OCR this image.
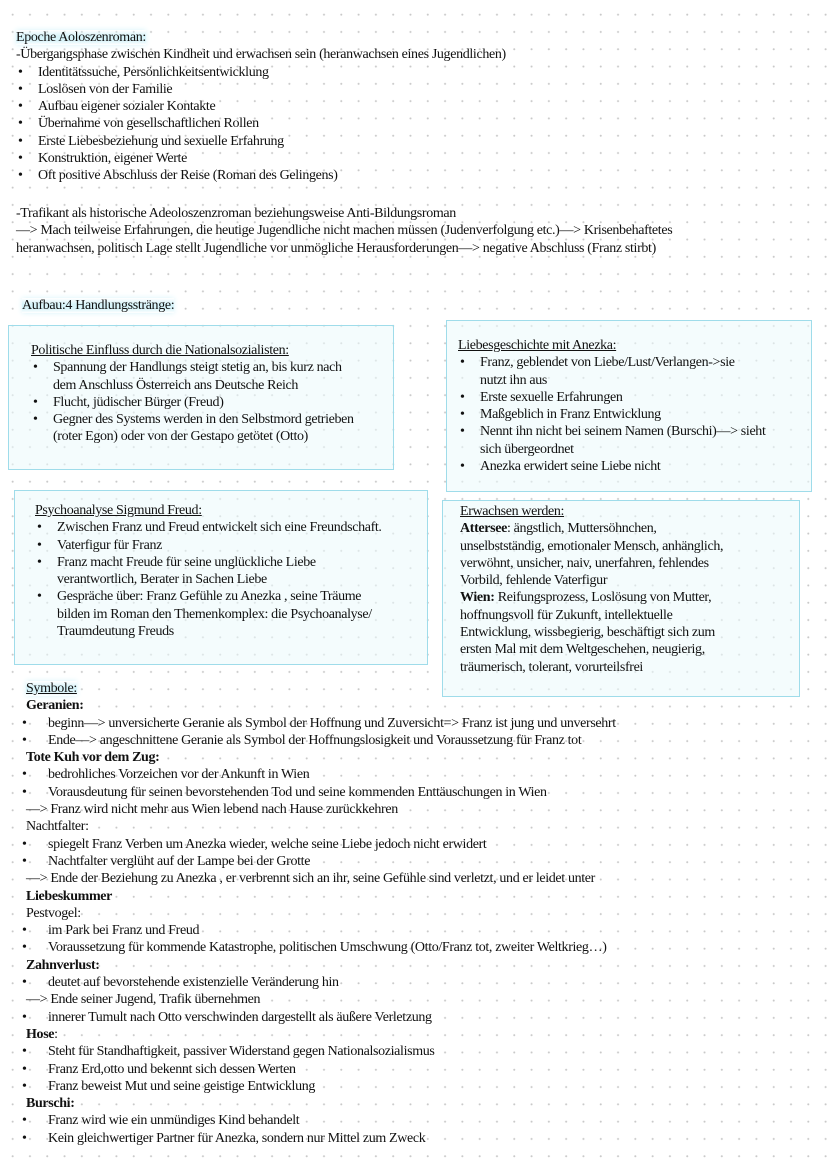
Epoche Aoloszenroman:
-Übergangsphase zwischen Kindheit und erwachsen sein (heranwachsen eines Jugendlichen)
• Identitätssuche, Persönlichkeitsentwicklung
• Loslösen von der Familie
• Aufbau eigener sozialer Kontakte
• Übernahme von gesellschaftlichen Rollen
• Erste Liebesbeziehung und sexuelle Erfahrung
• Konstruktion, eigener Werte
• Oft positive Abschluss der Reise (Roman des Gelingens)
-Trafikant als historische Adeoloszenzroman beziehungsweise Anti-Bildungsroman
—> Mach teilweise Erfahrungen, die heutige Jugendliche nicht machen müssen (Judenverfolgung etc.)—> Krisenbehaftetes
heranwachsen, politisch Lage stellt Jugendliche vor unmögliche Herausforderungen—> negative Abschluss (Franz stirbt)
Aufbau:4 Handlungsstränge:
Politische Einfluss durch die Nationalsozialisten:
• Spannung der Handlungs steigt stetig an, bis kurz nach
dem Anschluss Österreich ans Deutsche Reich
• Flucht, jüdischer Bürger (Freud)
• Gegner des Systems werden in den Selbstmord getrieben
(roter Egon) oder von der Gestapo getötet (Otto)
Liebesgeschichte mit Anezka:
• Franz, geblendet von Liebe/Lust/Verlangen->sie
nutzt ihn aus
• Erste sexuelle Erfahrungen
• Maßgeblich in Franz Entwicklung
• Nennt ihn nicht bei seinem Namen (Burschi)—> sieht
sich übergeordnet
• Anezka erwidert seine Liebe nicht
Psychoanalyse Sigmund Freud:
• Zwischen Franz und Freud entwickelt sich eine Freundschaft.
• Vaterfigur für Franz
• Franz macht Freude für seine unglückliche Liebe
verantwortlich, Berater in Sachen Liebe
• Gespräche über: Franz Gefühle zu Anezka , seine Träume
bilden im Roman den Themenkomplex: die Psychoanalyse/
Traumdeutung Freuds
Erwachsen werden:
Attersee: ängstlich, Muttersöhnchen,
unselbstständig, emotionaler Mensch, anhänglich,
verwöhnt, unsicher, naiv, unerfahren, fehlendes
Vorbild, fehlende Vaterfigur
Wien: Reifungsprozess, Loslösung von Mutter,
hoffnungsvoll für Zukunft, intellektuelle
Entwicklung, wissbegierig, beschäftigt sich zum
ersten Mal mit dem Weltgeschehen, neugierig,
träumerisch, tolerant, vorurteilsfrei
Symbole:
Geranien:
• beginn—> unversicherte Geranie als Symbol der Hoffnung und Zuversicht=> Franz ist jung und unversehrt
• Ende—> angeschnittene Geranie als Symbol der Hoffnungslosigkeit und Voraussetzung für Franz tot
Tote Kuh vor dem Zug:
• bedrohliches Vorzeichen vor der Ankunft in Wien
• Vorausdeutung für seinen bevorstehenden Tod und seine kommenden Enttäuschungen in Wien
—> Franz wird nicht mehr aus Wien lebend nach Hause zurückkehren
Nachtfalter:
• spiegelt Franz Verben um Anezka wieder, welche seine Liebe jedoch nicht erwidert
• Nachtfalter verglüht auf der Lampe bei der Grotte
—> Ende der Beziehung zu Anezka , er verbrennt sich an ihr, seine Gefühle sind verletzt, und er leidet unter
Liebeskummer
Pestvogel:
• im Park bei Franz und Freud
• Voraussetzung für kommende Katastrophe, politischen Umschwung (Otto/Franz tot, zweiter Weltkrieg…)
Zahnverlust:
• deutet auf bevorstehende existenzielle Veränderung hin
—> Ende seiner Jugend, Trafik übernehmen
• innerer Tumult nach Otto verschwinden dargestellt als äußere Verletzung
Hose:
• Steht für Standhaftigkeit, passiver Widerstand gegen Nationalsozialismus
• Franz Erd,otto und bekennt sich dessen Werten
• Franz beweist Mut und seine geistige Entwicklung
Burschi:
• Franz wird wie ein unmündiges Kind behandelt
• Kein gleichwertiger Partner für Anezka, sondern nur Mittel zum Zweck
